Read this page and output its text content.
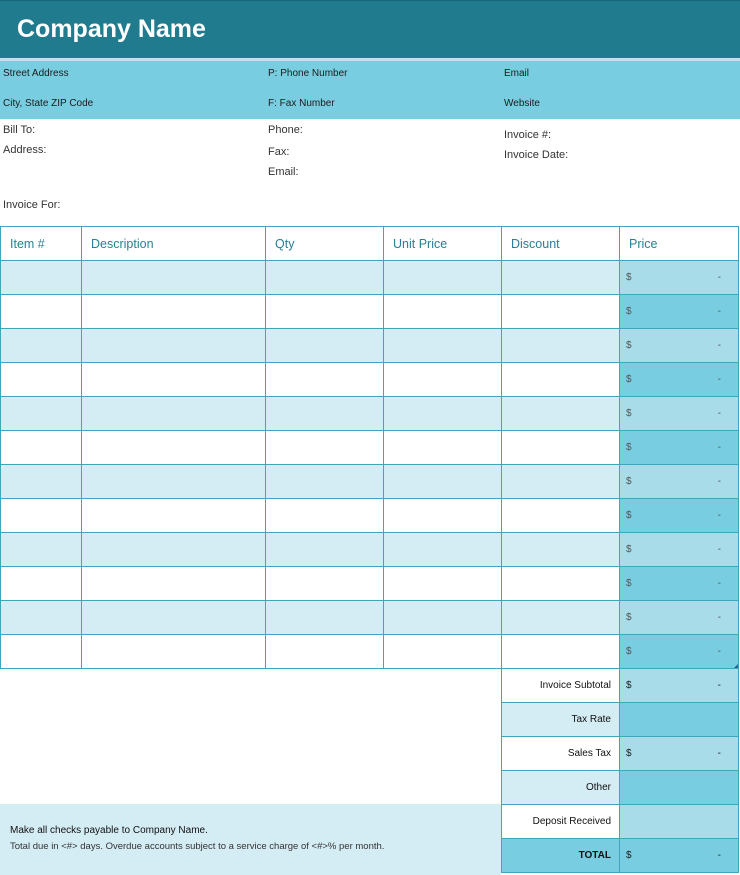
Company Name
Street Address
City, State ZIP Code
P: Phone Number
F: Fax Number
Email
Website
Bill To:
Address:
Phone:
Fax:
Email:
Invoice #:
Invoice Date:
Invoice For:
Item #	Description	Qty	Unit Price	Discount	Price

					$ -

					$ -

					$ -

					$ -

					$ -

					$ -

					$ -

					$ -

					$ -

					$ -

					$ -

					$ -
Invoice Subtotal	$ -

Tax Rate	
Sales Tax	$ -

Other	
Deposit Received	
TOTAL	$ -
Make all checks payable to Company Name.
Total due in <#> days. Overdue accounts subject to a service charge of <#>% per month.
